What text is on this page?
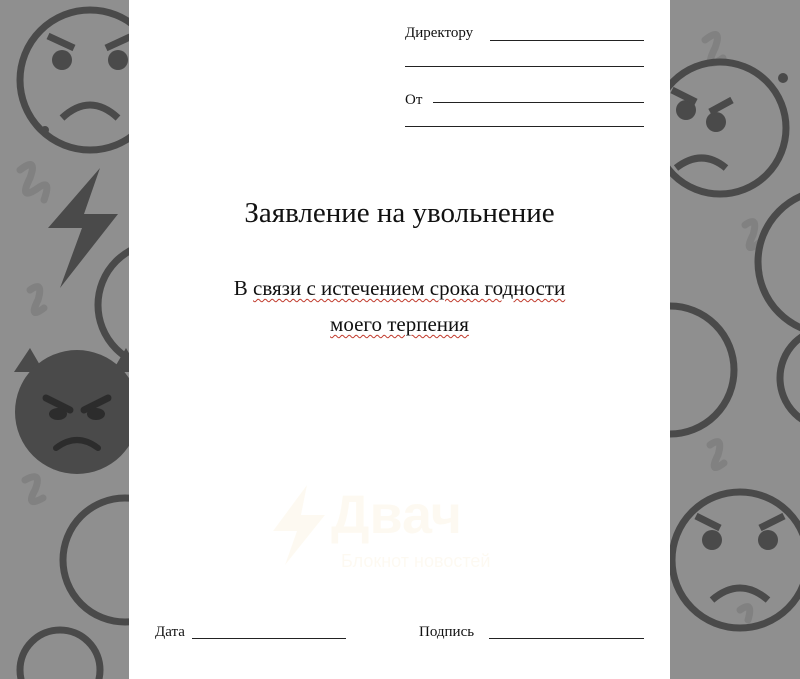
Директору
От
Заявление на увольнение
В связи с истечением срока годности
моего терпения
Двач
Блокнот новостей
Дата	Подпись
